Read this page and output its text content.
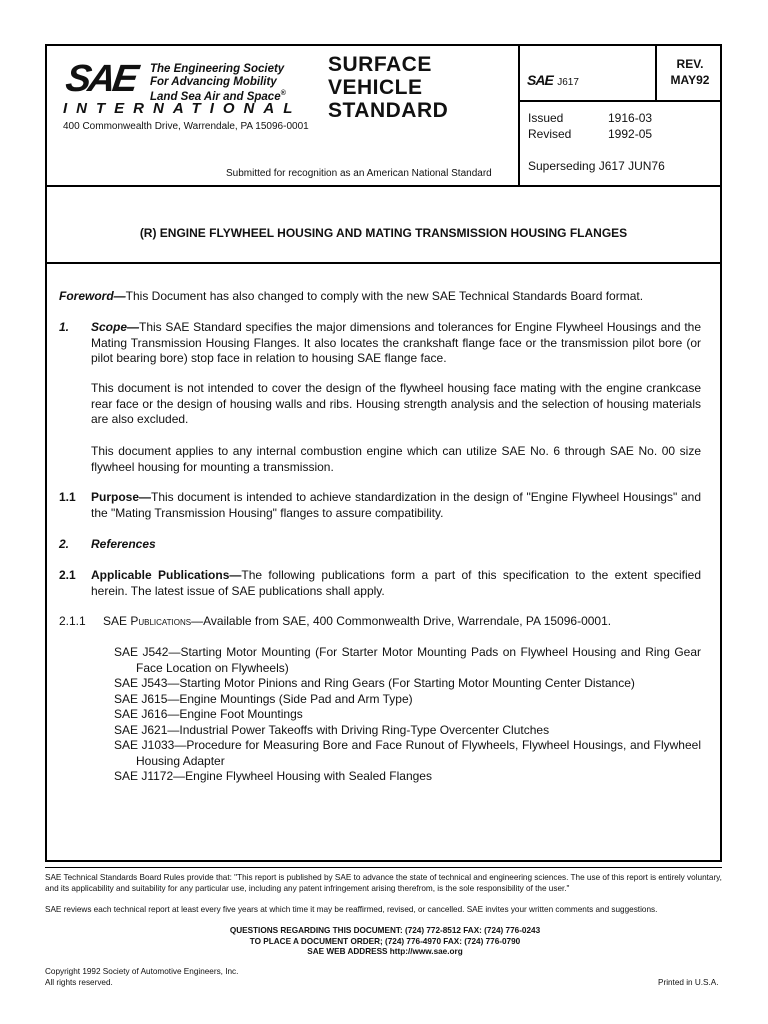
SAE The Engineering Society
For Advancing Mobility
Land Sea Air and Space®
INTERNATIONAL
400 Commonwealth Drive, Warrendale, PA 15096-0001
SURFACE
VEHICLE
STANDARD
Submitted for recognition as an American National Standard
SAE J617
REV.
MAY92
Issued	1916-03
Revised	1992-05
Superseding J617 JUN76
(R) ENGINE FLYWHEEL HOUSING AND MATING TRANSMISSION HOUSING FLANGES
Foreword—This Document has also changed to comply with the new SAE Technical Standards Board format.
1. Scope—This SAE Standard specifies the major dimensions and tolerances for Engine Flywheel Housings and the Mating Transmission Housing Flanges. It also locates the crankshaft flange face or the transmission pilot bore (or pilot bearing bore) stop face in relation to housing SAE flange face.
This document is not intended to cover the design of the flywheel housing face mating with the engine crankcase rear face or the design of housing walls and ribs. Housing strength analysis and the selection of housing materials are also excluded.
This document applies to any internal combustion engine which can utilize SAE No. 6 through SAE No. 00 size flywheel housing for mounting a transmission.
1.1 Purpose—This document is intended to achieve standardization in the design of "Engine Flywheel Housings" and the "Mating Transmission Housing" flanges to assure compatibility.
2. References
2.1 Applicable Publications—The following publications form a part of this specification to the extent specified herein. The latest issue of SAE publications shall apply.
2.1.1 SAE Publications—Available from SAE, 400 Commonwealth Drive, Warrendale, PA 15096-0001.
SAE J542—Starting Motor Mounting (For Starter Motor Mounting Pads on Flywheel Housing and Ring Gear Face Location on Flywheels)
SAE J543—Starting Motor Pinions and Ring Gears (For Starting Motor Mounting Center Distance)
SAE J615—Engine Mountings (Side Pad and Arm Type)
SAE J616—Engine Foot Mountings
SAE J621—Industrial Power Takeoffs with Driving Ring-Type Overcenter Clutches
SAE J1033—Procedure for Measuring Bore and Face Runout of Flywheels, Flywheel Housings, and Flywheel Housing Adapter
SAE J1172—Engine Flywheel Housing with Sealed Flanges
SAE Technical Standards Board Rules provide that: "This report is published by SAE to advance the state of technical and engineering sciences. The use of this report is entirely voluntary, and its applicability and suitability for any particular use, including any patent infringement arising therefrom, is the sole responsibility of the user."
SAE reviews each technical report at least every five years at which time it may be reaffirmed, revised, or cancelled. SAE invites your written comments and suggestions.
QUESTIONS REGARDING THIS DOCUMENT: (724) 772-8512 FAX: (724) 776-0243
TO PLACE A DOCUMENT ORDER; (724) 776-4970 FAX: (724) 776-0790
SAE WEB ADDRESS http://www.sae.org
Copyright 1992 Society of Automotive Engineers, Inc.
All rights reserved.	Printed in U.S.A.
